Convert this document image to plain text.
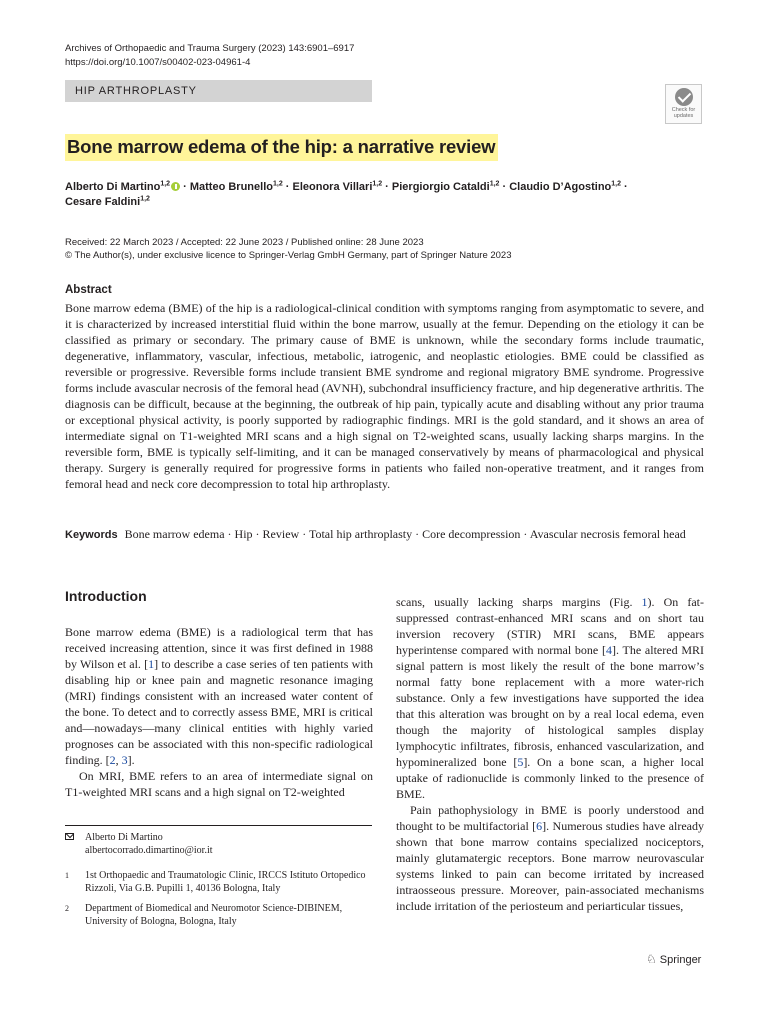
Archives of Orthopaedic and Trauma Surgery (2023) 143:6901–6917
https://doi.org/10.1007/s00402-023-04961-4
HIP ARTHROPLASTY
Check for
updates
Bone marrow edema of the hip: a narrative review
Alberto Di Martino$^{1,2}$ · Matteo Brunello$^{1,2}$ · Eleonora Villari$^{1,2}$ · Piergiorgio Cataldi$^{1,2}$ · Claudio D’Agostino$^{1,2}$ ·
Cesare Faldini$^{1,2}$
Received: 22 March 2023 / Accepted: 22 June 2023 / Published online: 28 June 2023
© The Author(s), under exclusive licence to Springer-Verlag GmbH Germany, part of Springer Nature 2023
Abstract
Bone marrow edema (BME) of the hip is a radiological-clinical condition with symptoms ranging from asymptomatic to severe, and it is characterized by increased interstitial fluid within the bone marrow, usually at the femur. Depending on the etiology it can be classified as primary or secondary. The primary cause of BME is unknown, while the secondary forms include traumatic, degenerative, inflammatory, vascular, infectious, metabolic, iatrogenic, and neoplastic etiologies. BME could be classified as reversible or progressive. Reversible forms include transient BME syndrome and regional migratory BME syndrome. Progressive forms include avascular necrosis of the femoral head (AVNH), subchondral insufficiency fracture, and hip degenerative arthritis. The diagnosis can be difficult, because at the beginning, the outbreak of hip pain, typically acute and disabling without any prior trauma or exceptional physical activity, is poorly supported by radiographic findings. MRI is the gold standard, and it shows an area of intermediate signal on T1-weighted MRI scans and a high signal on T2-weighted scans, usually lacking sharps margins. In the reversible form, BME is typically self-limiting, and it can be managed conservatively by means of pharmacological and physical therapy. Surgery is generally required for progressive forms in patients who failed non-operative treatment, and it ranges from femoral head and neck core decompression to total hip arthroplasty.
Keywords Bone marrow edema · Hip · Review · Total hip arthroplasty · Core decompression · Avascular necrosis femoral head
Introduction

Bone marrow edema (BME) is a radiological term that has received increasing attention, since it was first defined in 1988 by Wilson et al. [1] to describe a case series of ten patients with disabling hip or knee pain and magnetic resonance imaging (MRI) findings consistent with an increased water content of the bone. To detect and to correctly assess BME, MRI is critical and—nowadays—many clinical entities with highly varied prognoses can be associated with this non-specific radiological finding. [2, 3].

On MRI, BME refers to an area of intermediate signal on T1-weighted MRI scans and a high signal on T2-weighted

scans, usually lacking sharps margins (Fig. 1). On fat-suppressed contrast-enhanced MRI scans and on short tau inversion recovery (STIR) MRI scans, BME appears hyperintense compared with normal bone [4]. The altered MRI signal pattern is most likely the result of the bone marrow’s normal fatty bone replacement with a more water-rich substance. Only a few investigations have supported the idea that this alteration was brought on by a real local edema, even though the majority of histological samples display lymphocytic infiltrates, fibrosis, enhanced vascularization, and hypomineralized bone [5]. On a bone scan, a higher local uptake of radionuclide is commonly linked to the presence of BME.

Pain pathophysiology in BME is poorly understood and thought to be multifactorial [6]. Numerous studies have already shown that bone marrow contains specialized nociceptors, mainly glutamatergic receptors. Bone marrow neurovascular systems linked to pain can become irritated by increased intraosseous pressure. Moreover, pain-associated mechanisms include irritation of the periosteum and periarticular tissues,

Alberto Di Martino
albertocorrado.dimartino@ior.it
1 1st Orthopaedic and Traumatologic Clinic, IRCCS Istituto Ortopedico Rizzoli, Via G.B. Pupilli 1, 40136 Bologna, Italy
2 Department of Biomedical and Neuromotor Science-DIBINEM, University of Bologna, Bologna, Italy
♘ Springer
